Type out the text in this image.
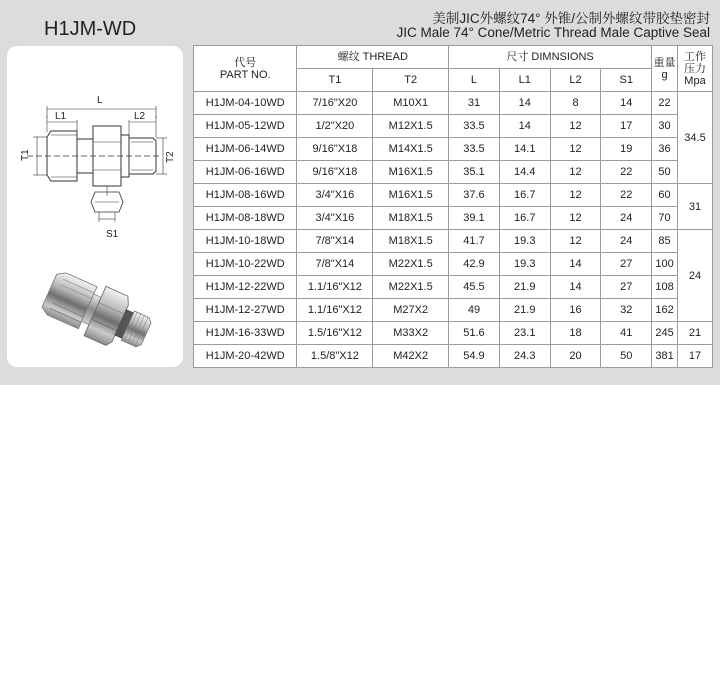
H1JM-WD	美制JIC外螺纹74° 外锥/公制外螺纹带胶垫密封
JIC Male 74° Cone/Metric Thread Male Captive Seal
L
L1	L2
T1	T2
S1
代号
PART NO.	螺纹 THREAD		尺寸 DIMNSIONS				重量
g	工作
压力
Mpa
	T1	T2	L	L1	L2	S1		
H1JM-04-10WD	7/16"X20	M10X1	31	14	8	14	22	34.5
H1JM-05-12WD	1/2"X20	M12X1.5	33.5	14	12	17	30	
H1JM-06-14WD	9/16"X18	M14X1.5	33.5	14.1	12	19	36	
H1JM-06-16WD	9/16"X18	M16X1.5	35.1	14.4	12	22	50	
H1JM-08-16WD	3/4"X16	M16X1.5	37.6	16.7	12	22	60	31
H1JM-08-18WD	3/4"X16	M18X1.5	39.1	16.7	12	24	70	
H1JM-10-18WD	7/8"X14	M18X1.5	41.7	19.3	12	24	85	24
H1JM-10-22WD	7/8"X14	M22X1.5	42.9	19.3	14	27	100	
H1JM-12-22WD	1.1/16"X12	M22X1.5	45.5	21.9	14	27	108	
H1JM-12-27WD	1.1/16"X12	M27X2	49	21.9	16	32	162	
H1JM-16-33WD	1.5/16"X12	M33X2	51.6	23.1	18	41	245	21
H1JM-20-42WD	1.5/8"X12	M42X2	54.9	24.3	20	50	381	17
